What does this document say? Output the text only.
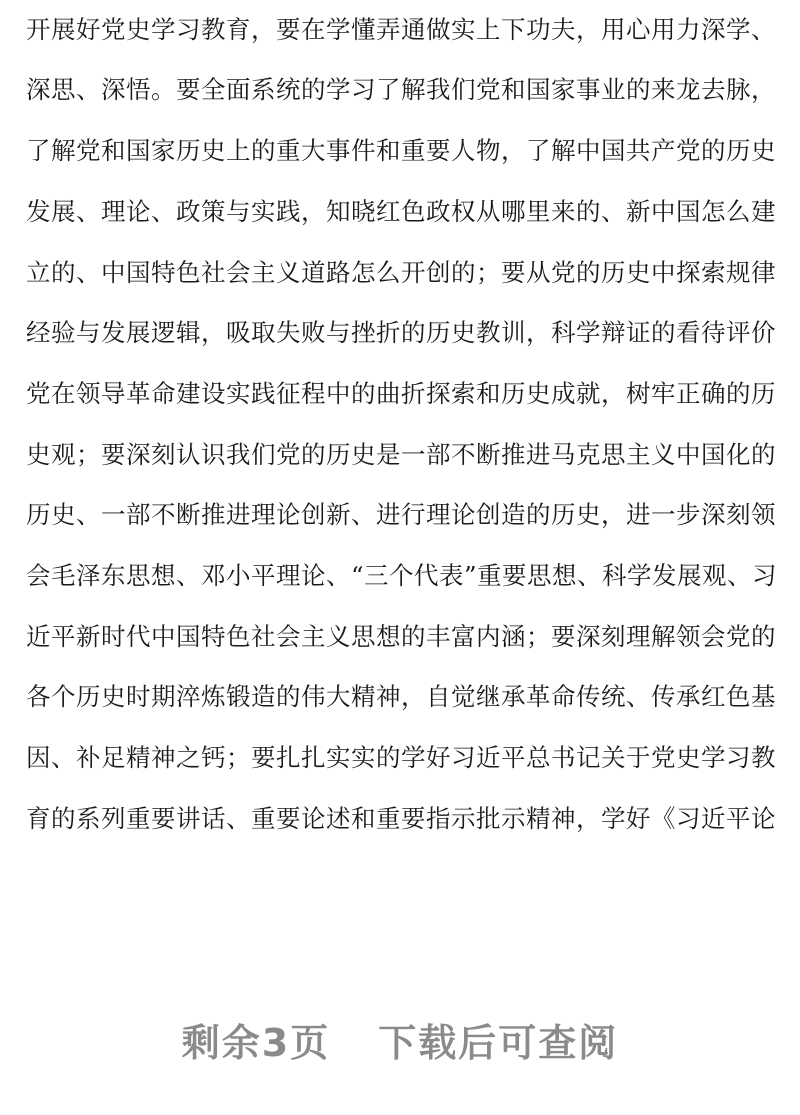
开展好党史学习教育，要在学懂弄通做实上下功夫，用心用力深学、
深思、深悟。要全面系统的学习了解我们党和国家事业的来龙去脉，
了解党和国家历史上的重大事件和重要人物，了解中国共产党的历史
发展、理论、政策与实践，知晓红色政权从哪里来的、新中国怎么建
立的、中国特色社会主义道路怎么开创的；要从党的历史中探索规律
经验与发展逻辑，吸取失败与挫折的历史教训，科学辩证的看待评价
党在领导革命建设实践征程中的曲折探索和历史成就，树牢正确的历
史观；要深刻认识我们党的历史是一部不断推进马克思主义中国化的
历史、一部不断推进理论创新、进行理论创造的历史，进一步深刻领
会毛泽东思想、邓小平理论、“三个代表”重要思想、科学发展观、习
近平新时代中国特色社会主义思想的丰富内涵；要深刻理解领会党的
各个历史时期淬炼锻造的伟大精神，自觉继承革命传统、传承红色基
因、补足精神之钙；要扎扎实实的学好习近平总书记关于党史学习教
育的系列重要讲话、重要论述和重要指示批示精神，学好《习近平论
剩余3页 下载后可查阅
